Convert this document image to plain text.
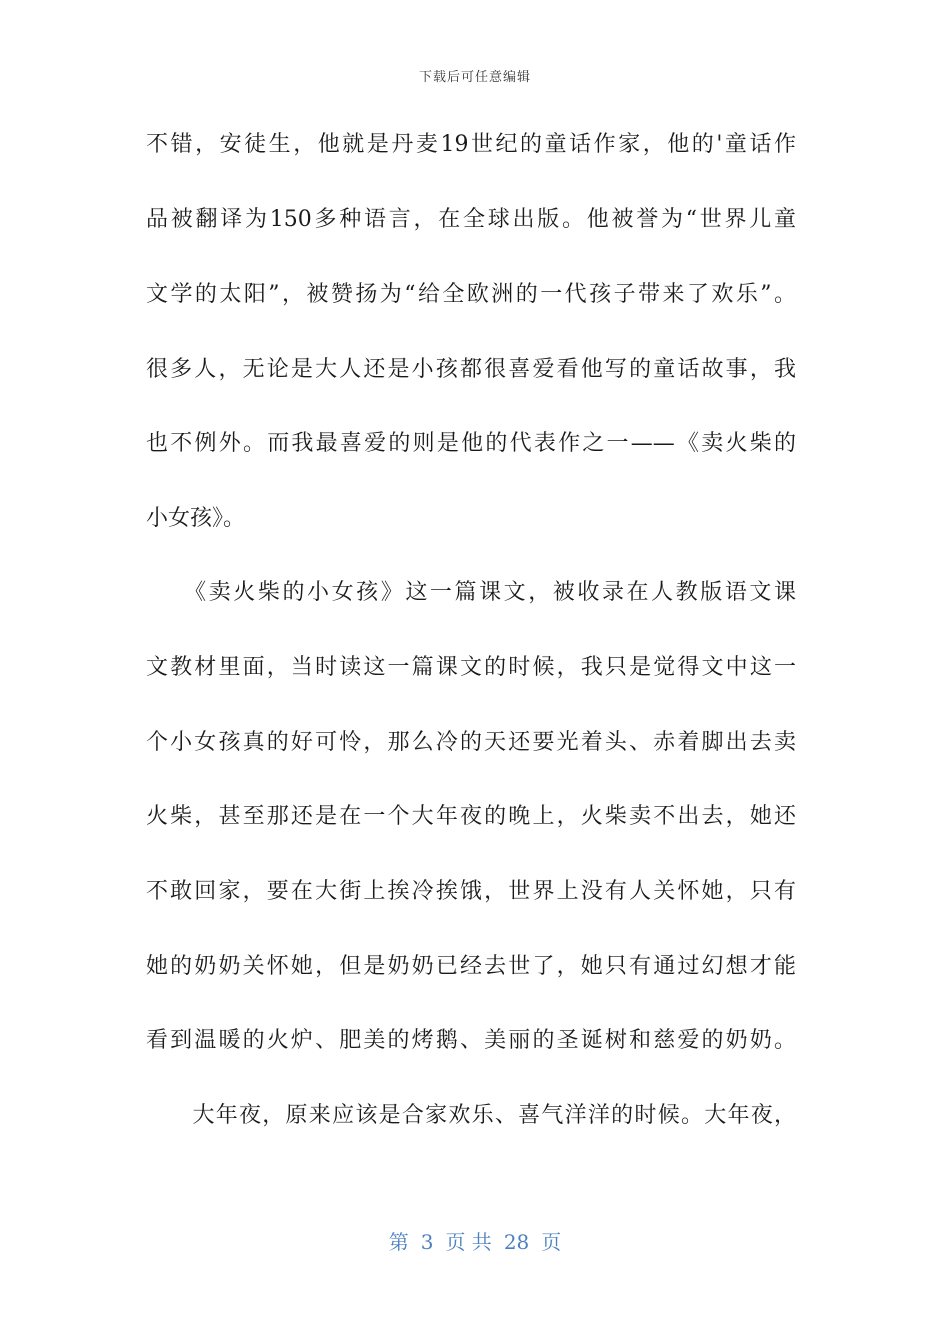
下载后可任意编辑
不错，安徒生，他就是丹麦19世纪的童话作家，他的'童话作
品被翻译为150多种语言，在全球出版。他被誉为“世界儿童
文学的太阳”，被赞扬为“给全欧洲的一代孩子带来了欢乐”。
很多人，无论是大人还是小孩都很喜爱看他写的童话故事，我
也不例外。而我最喜爱的则是他的代表作之一——《卖火柴的
小女孩》。
　　《卖火柴的小女孩》这一篇课文，被收录在人教版语文课
文教材里面，当时读这一篇课文的时候，我只是觉得文中这一
个小女孩真的好可怜，那么冷的天还要光着头、赤着脚出去卖
火柴，甚至那还是在一个大年夜的晚上，火柴卖不出去，她还
不敢回家，要在大街上挨冷挨饿，世界上没有人关怀她，只有
她的奶奶关怀她，但是奶奶已经去世了，她只有通过幻想才能
看到温暖的火炉、肥美的烤鹅、美丽的圣诞树和慈爱的奶奶。
　　大年夜，原来应该是合家欢乐、喜气洋洋的时候。大年夜，
第 3 页 共 28 页
